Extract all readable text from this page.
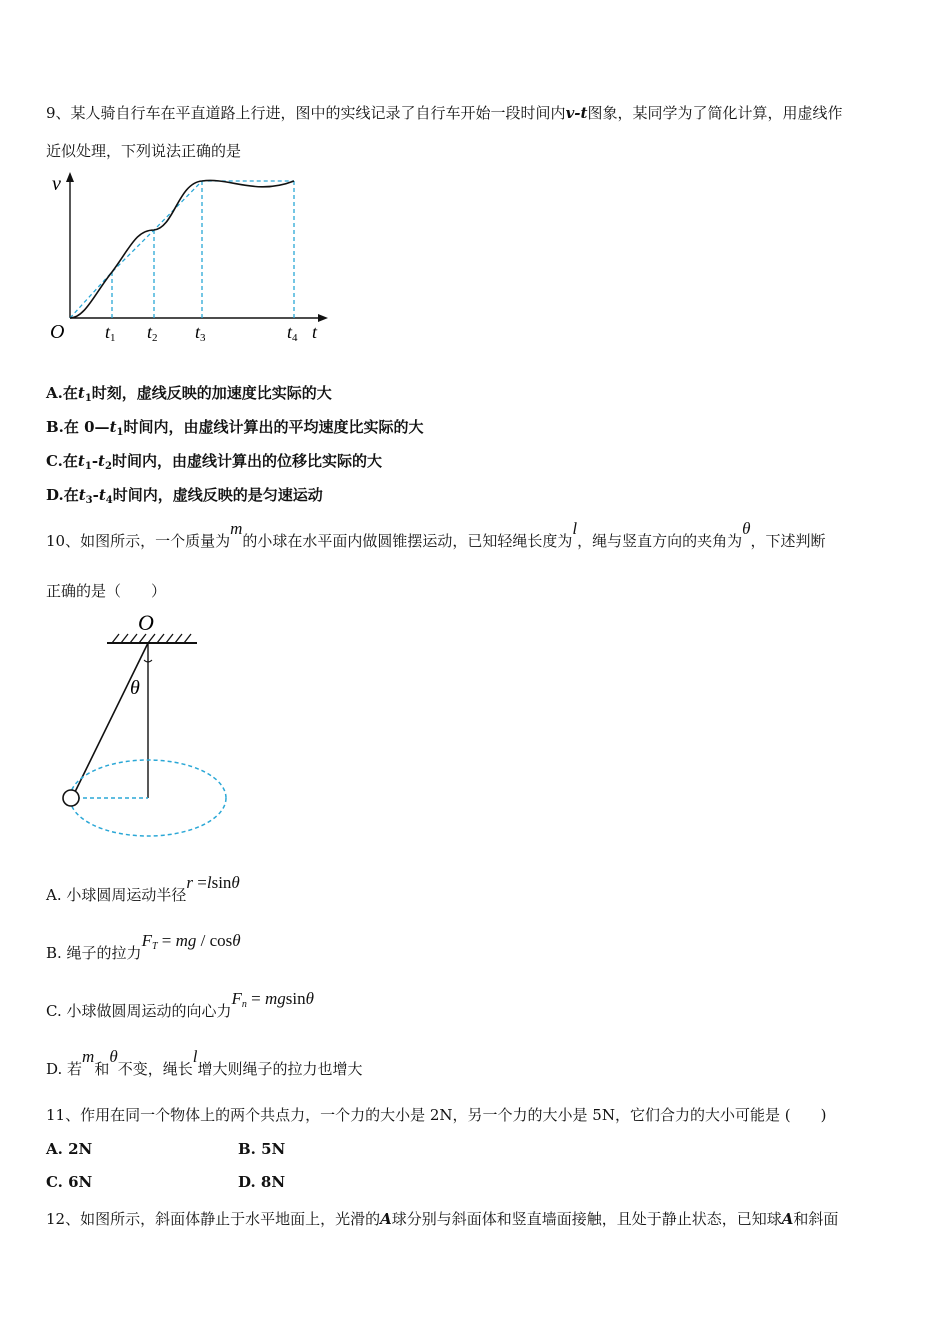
9、某人骑自行车在平直道路上行进，图中的实线记录了自行车开始一段时间内v-t图象，某同学为了简化计算，用虚线作
近似处理，下列说法正确的是
v
t
O t1 t2 t3	t4
A.在$t_1$时刻，虚线反映的加速度比实际的大
B.在 $0—t_1$时间内，由虚线计算出的平均速度比实际的大
C.在$t_1-t_2$时间内，由虚线计算出的位移比实际的大
D.在$t_3-t_4$时间内，虚线反映的是匀速运动
10、如图所示，一个质量为m的小球在水平面内做圆锥摆运动，已知轻绳长度为l，绳与竖直方向的夹角为θ，下述判断
正确的是（　　）
O
θ
A. 小球圆周运动半径r =lsinθ
B. 绳子的拉力$F_T$ = mg / cosθ
C. 小球做圆周运动的向心力$F_n = mgsin\theta$
D. 若m和θ不变，绳长l增大则绳子的拉力也增大
11、作用在同一个物体上的两个共点力，一个力的大小是 2N，另一个力的大小是 5N，它们合力的大小可能是 (　　)
A. 2N	B. 5N
C. 6N	D. 8N
12、如图所示，斜面体静止于水平地面上，光滑的A球分别与斜面体和竖直墙面接触，且处于静止状态，已知球A和斜面
